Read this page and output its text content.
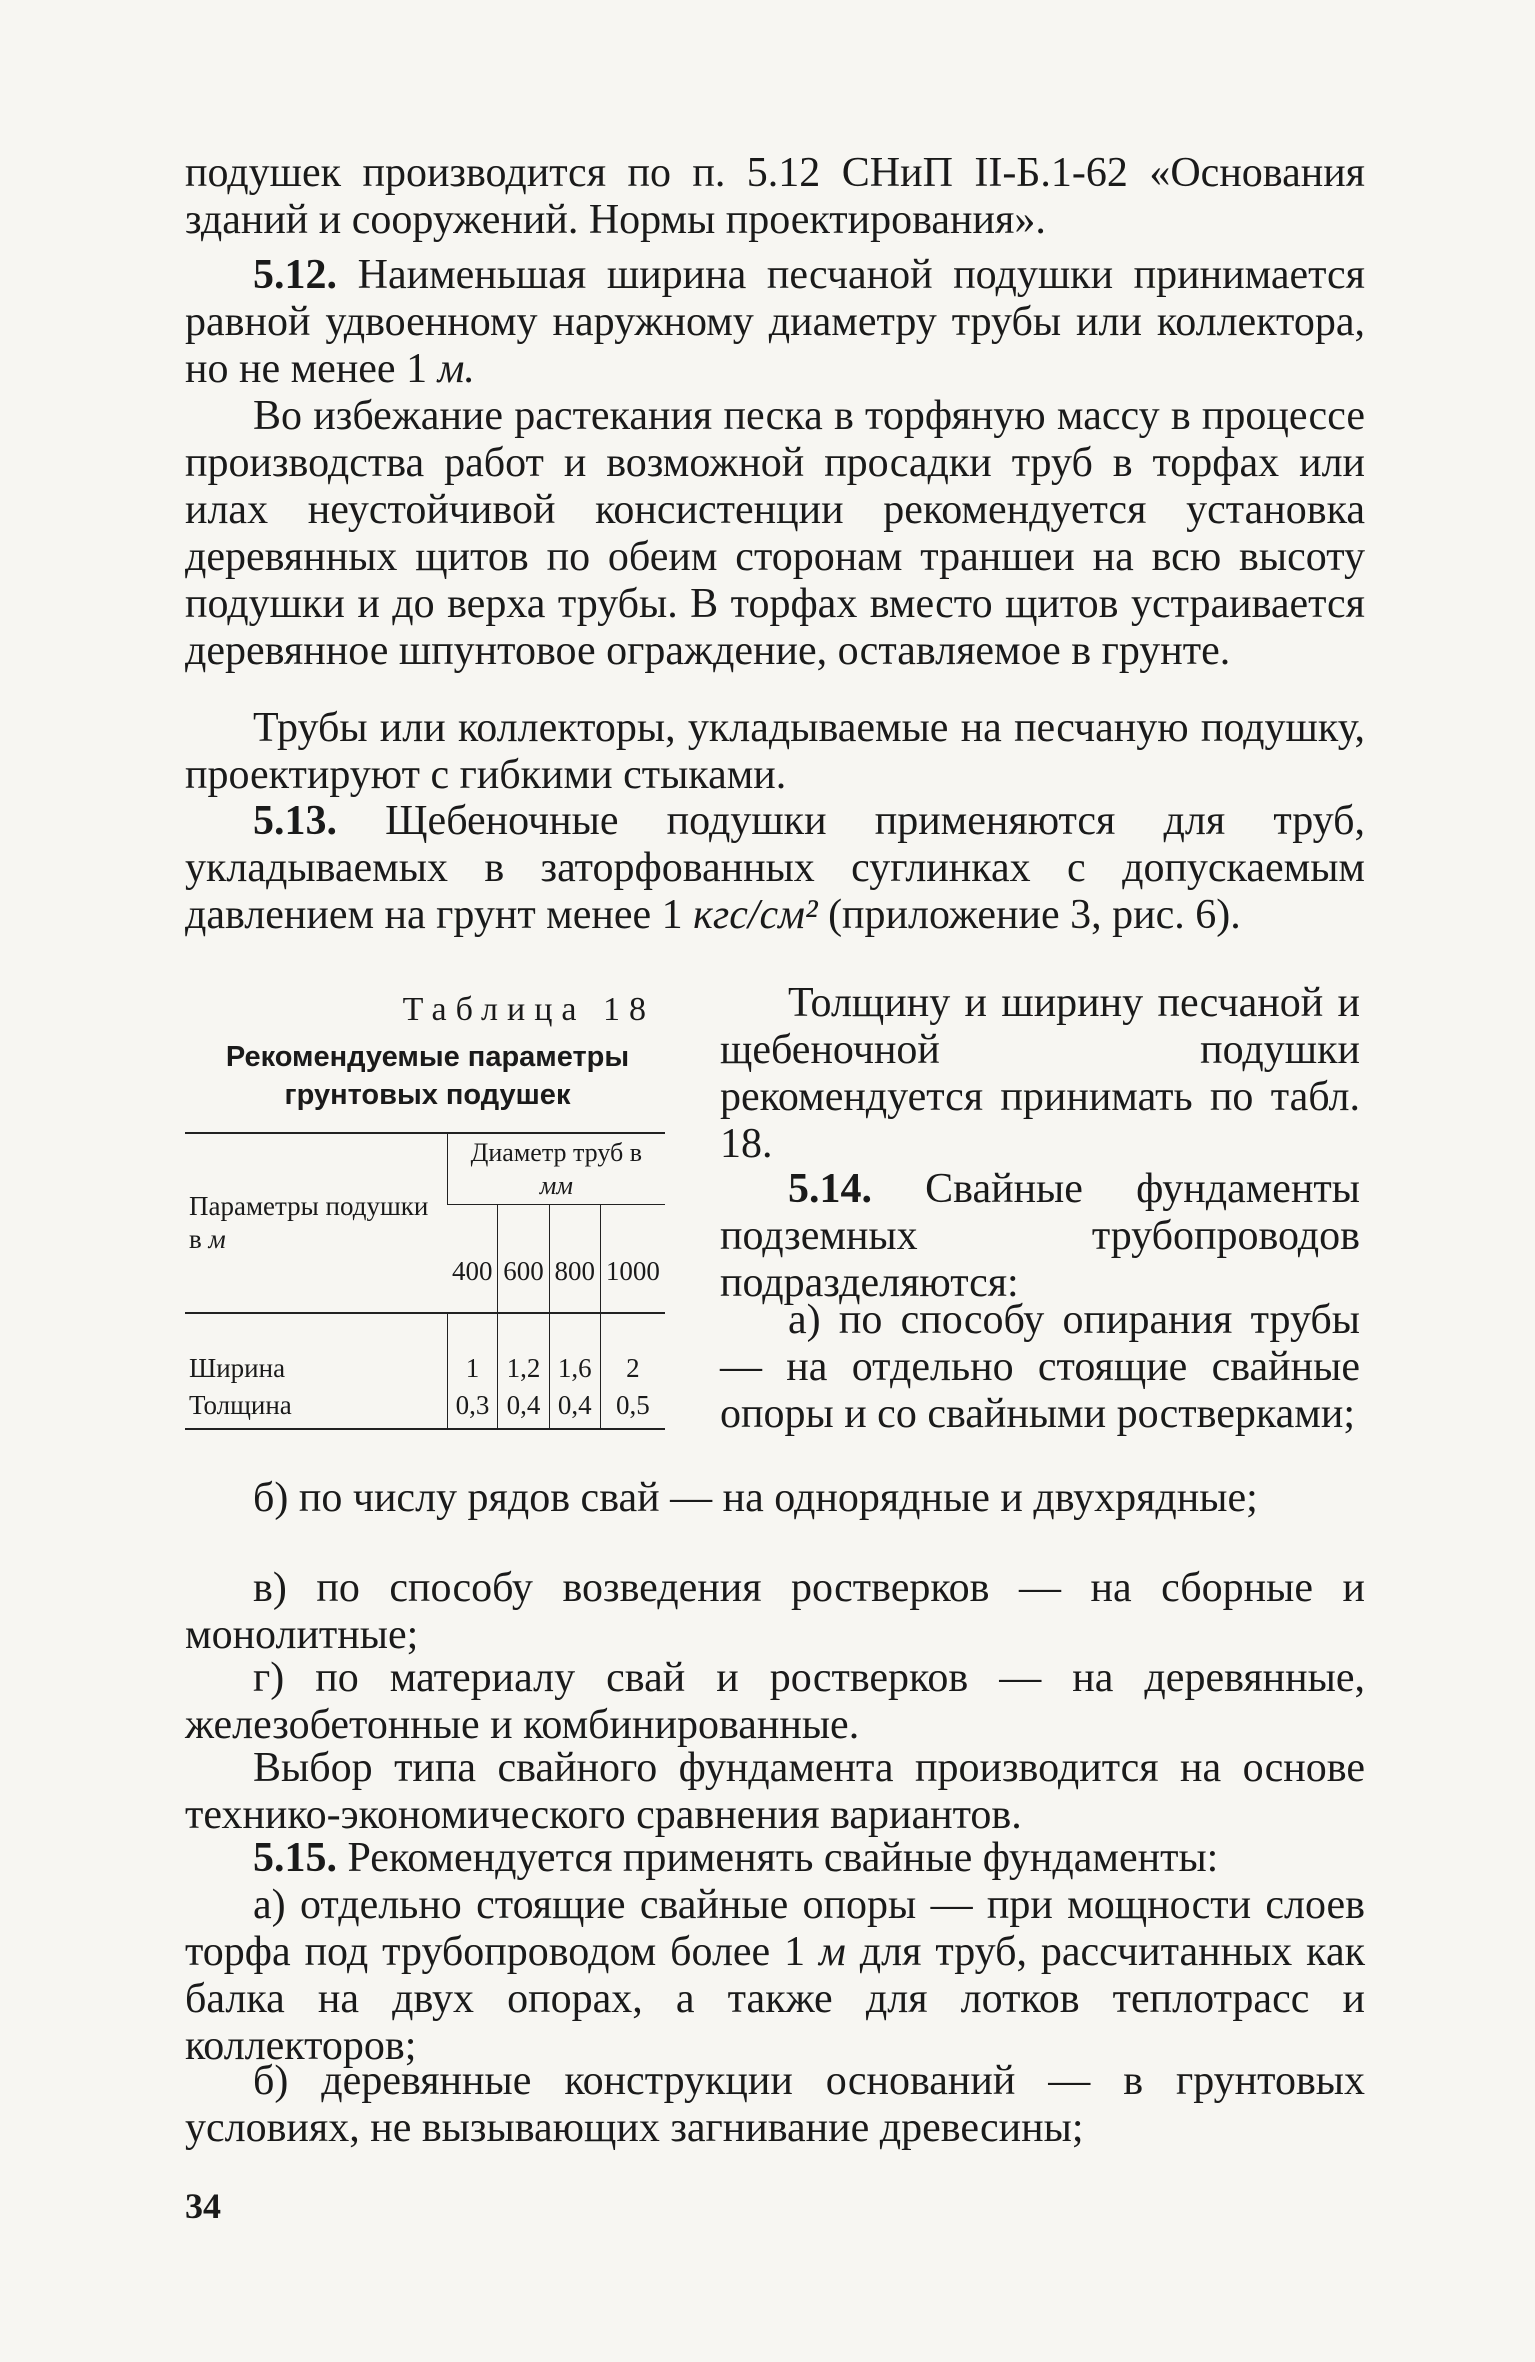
подушек производится по п. 5.12 СНиП II-Б.1-62 «Основания зданий и сооружений. Нормы проектирования».

5.12. Наименьшая ширина песчаной подушки принимается равной удвоенному наружному диаметру трубы или коллектора, но не менее 1 м.

Во избежание растекания песка в торфяную массу в процессе производства работ и возможной просадки труб в торфах или илах неустойчивой консистенции рекомендуется установка деревянных щитов по обеим сторонам траншеи на всю высоту подушки и до верха трубы. В торфах вместо щитов устраивается деревянное шпунтовое ограждение, оставляемое в грунте.

Трубы или коллекторы, укладываемые на песчаную подушку, проектируют с гибкими стыками.

5.13. Щебеночные подушки применяются для труб, укладываемых в заторфованных суглинках с допускаемым давлением на грунт менее 1 кгс/см² (приложение 3, рис. 6).

Таблица 18
Рекомендуемые параметры грунтовых подушек
Параметры подушки в м	Диаметр труб в мм			
	400	600	800	1000
Ширина	1	1,2	1,6	2
Толщина	0,3	0,4	0,4	0,5

Толщину и ширину песчаной и щебеночной подушки рекомендуется принимать по табл. 18.

5.14. Свайные фундаменты подземных трубопроводов подразделяются:

а) по способу опирания трубы — на отдельно стоящие свайные опоры и со свайными ростверками;

б) по числу рядов свай — на однорядные и двухрядные;

в) по способу возведения ростверков — на сборные и монолитные;

г) по материалу свай и ростверков — на деревянные, железобетонные и комбинированные.

Выбор типа свайного фундамента производится на основе технико-экономического сравнения вариантов.

5.15. Рекомендуется применять свайные фундаменты:

а) отдельно стоящие свайные опоры — при мощности слоев торфа под трубопроводом более 1 м для труб, рассчитанных как балка на двух опорах, а также для лотков теплотрасс и коллекторов;

б) деревянные конструкции оснований — в грунтовых условиях, не вызывающих загнивание древесины;

34
